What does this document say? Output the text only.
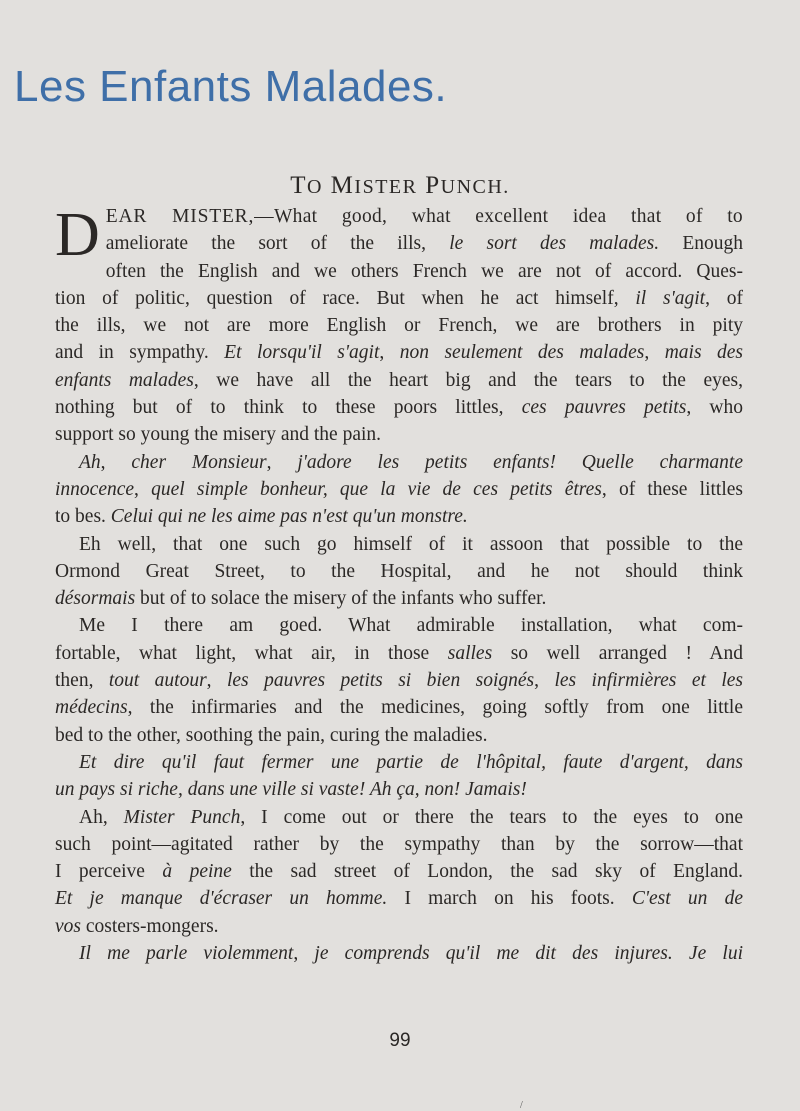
Les Enfants Malades.
TO MISTER PUNCH.
D EAR MISTER,—What good, what excellent idea that of to
ameliorate the sort of the ills, le sort des malades. Enough
often the English and we others French we are not of accord. Ques-
tion of politic, question of race. But when he act himself, il s'agit, of
the ills, we not are more English or French, we are brothers in pity
and in sympathy. Et lorsqu'il s'agit, non seulement des malades, mais des
enfants malades, we have all the heart big and the tears to the eyes,
nothing but of to think to these poors littles, ces pauvres petits, who
support so young the misery and the pain.
Ah, cher Monsieur, j'adore les petits enfants! Quelle charmante
innocence, quel simple bonheur, que la vie de ces petits êtres, of these littles
to bes. Celui qui ne les aime pas n'est qu'un monstre.
Eh well, that one such go himself of it assoon that possible to the
Ormond Great Street, to the Hospital, and he not should think
désormais but of to solace the misery of the infants who suffer.
Me I there am goed. What admirable installation, what com-
fortable, what light, what air, in those salles so well arranged ! And
then, tout autour, les pauvres petits si bien soignés, les infirmières et les
médecins, the infirmaries and the medicines, going softly from one little
bed to the other, soothing the pain, curing the maladies.
Et dire qu'il faut fermer une partie de l'hôpital, faute d'argent, dans
un pays si riche, dans une ville si vaste! Ah ça, non! Jamais!
Ah, Mister Punch, I come out or there the tears to the eyes to one
such point—agitated rather by the sympathy than by the sorrow—that
I perceive à peine the sad street of London, the sad sky of England.
Et je manque d'écraser un homme. I march on his foots. C'est un de
vos costers-mongers.
Il me parle violemment, je comprends qu'il me dit des injures. Je lui
99
/
